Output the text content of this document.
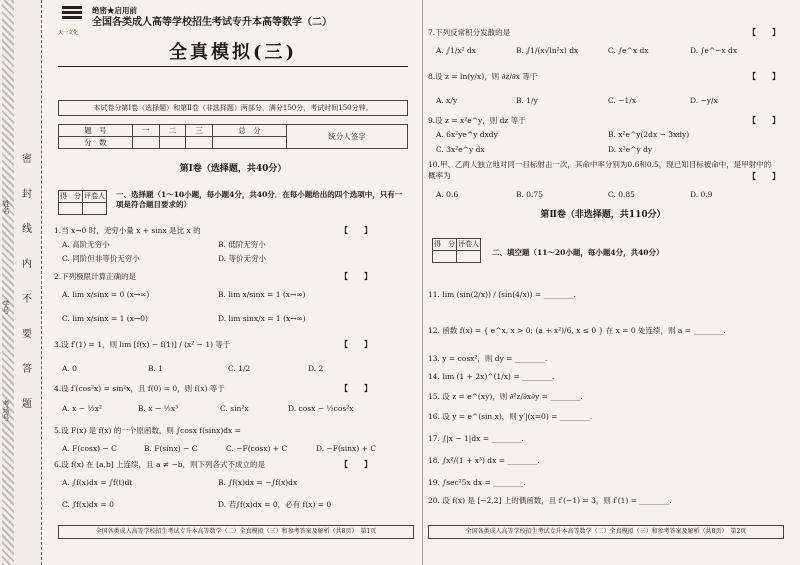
密
封
线
内
不
要
答
题
姓名
学号
考场号
天一文化
绝密★启用前
全国各类成人高等学校招生考试专升本高等数学（二）
全真模拟(三)
本试卷分第Ⅰ卷（选择题）和第Ⅱ卷（非选择题）两部分，满分150分，考试时间150分钟。
题　号	一	二	三	总　分	统分人签字
分　数					
第Ⅰ卷（选择题，共40分）
得　分	评卷人
	一、选择题（1～10小题，每小题4分，共40分．在每小题给出的四个选项中，只有一项是符合题目要求的）
1.当 x→0 时，无穷小量 x + sinx 是比 x 的	【　　】
A. 高阶无穷小	B. 低阶无穷小
C. 同阶但非等价无穷小	D. 等价无穷小
2.下列极限计算正确的是	【　　】
A. lim x/sinx = 0 (x→∞)	B. lim x/sinx = 1 (x→∞)
C. lim x/sinx = 1 (x→0)	D. lim sinx/x = 1 (x→∞)
3.设 f′(1) = 1，则 lim [f(x) − f(1)] / (x² − 1) 等于	【　　】
A. 0	B. 1	C. 1/2	D. 2
4.设 f′(cos²x) = sin²x，且 f(0) = 0，则 f(x) 等于	【　　】
A. x − ½x²	B. x − ½x³	C. sin²x	D. cosx − ½cos²x
5.设 F(x) 是 f(x) 的一个原函数，则 ∫cosx f(sinx)dx =
A. F(cosx) − C	B. F(sinx) − C	C. −F(cosx) + C	D. −F(sinx) + C
6.设 f(x) 在 [a,b] 上连续，且 a ≠ −b，则下列各式不成立的是	【　　】
A. ∫f(x)dx = ∫f(t)dt	B. ∫f(x)dx = −∫f(x)dx
C. ∫f(x)dx = 0	D. 若∫f(x)dx = 0，必有 f(x) = 0
全国各类成人高等学校招生考试专升本高等数学（二）全真模拟（三）和参考答案及解析（共8页）　第1页
7.下列反常积分发散的是	【　　】
A. ∫1/x² dx	B. ∫1/(x√ln²x) dx	C. ∫e^x dx	D. ∫e^−x dx
8.设 z = ln(y/x)，则 ∂z/∂x 等于	【　　】
A. x/y	B. 1/y	C. −1/x	D. −y/x
9.设 z = x²e^y，则 dz 等于	【　　】
A. 6x²ye^y dxdy	B. x²e^y(2dx − 3xdy)
C. 3x²e^y dx	D. x³e^y dy
10.甲、乙两人独立地对同一目标射击一次，其命中率分别为0.6和0.5，现已知目标被命中，是甲射中的概率为	【　　】
A. 0.6	B. 0.75	C. 0.85	D. 0.9
第Ⅱ卷（非选择题，共110分）
得　分	评卷人

二、填空题（11～20小题，每小题4分，共40分）
11. lim (sin(2/x)) / (sin(4/x)) = ________.
12. 函数 f(x) = { e^x, x > 0; (a + x²)/6, x ≤ 0 } 在 x = 0 处连续，则 a = ________.
13. y = cosx²，则 dy = ________.
14. lim (1 + 2x)^(1/x) = ________.
15. 设 z = e^(xy)，则 ∂²z/∂x∂y = ________.
16. 设 y = e^(sin x)，则 y′|(x=0) = ________.
17. ∫|x − 1|dx = ________.
18. ∫x²/(1 + x³) dx = ________.
19. ∫sec²5x dx = ________.
20. 设 f(x) 是 [−2,2] 上的偶函数，且 f′(−1) = 3，则 f′(1) = ________.
全国各类成人高等学校招生考试专升本高等数学（二）全真模拟（三）和参考答案及解析（共8页）　第2页
